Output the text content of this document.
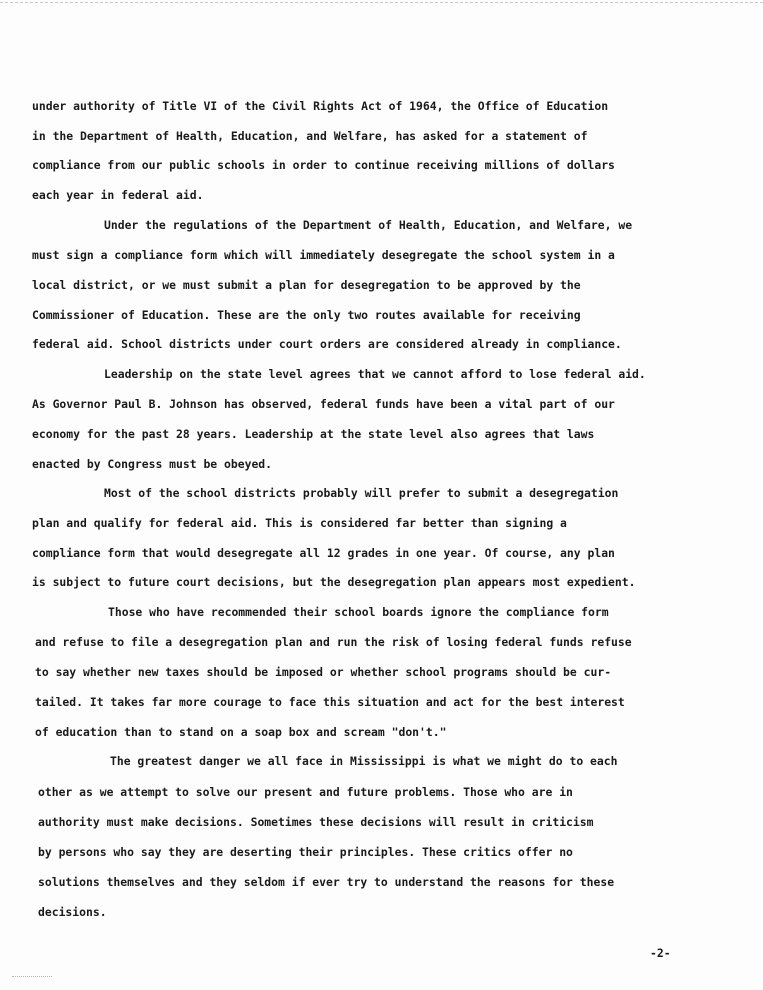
under authority of Title VI of the Civil Rights Act of 1964, the Office of Education
in the Department of Health, Education, and Welfare, has asked for a statement of
compliance from our public schools in order to continue receiving millions of dollars
each year in federal aid.
Under the regulations of the Department of Health, Education, and Welfare, we
must sign a compliance form which will immediately desegregate the school system in a
local district, or we must submit a plan for desegregation to be approved by the
Commissioner of Education. These are the only two routes available for receiving
federal aid. School districts under court orders are considered already in compliance.
Leadership on the state level agrees that we cannot afford to lose federal aid.
As Governor Paul B. Johnson has observed, federal funds have been a vital part of our
economy for the past 28 years. Leadership at the state level also agrees that laws
enacted by Congress must be obeyed.
Most of the school districts probably will prefer to submit a desegregation
plan and qualify for federal aid. This is considered far better than signing a
compliance form that would desegregate all 12 grades in one year. Of course, any plan
is subject to future court decisions, but the desegregation plan appears most expedient.
Those who have recommended their school boards ignore the compliance form
and refuse to file a desegregation plan and run the risk of losing federal funds refuse
to say whether new taxes should be imposed or whether school programs should be cur-
tailed. It takes far more courage to face this situation and act for the best interest
of education than to stand on a soap box and scream "don't."
The greatest danger we all face in Mississippi is what we might do to each
other as we attempt to solve our present and future problems. Those who are in
authority must make decisions. Sometimes these decisions will result in criticism
by persons who say they are deserting their principles. These critics offer no
solutions themselves and they seldom if ever try to understand the reasons for these
decisions.
-2-
